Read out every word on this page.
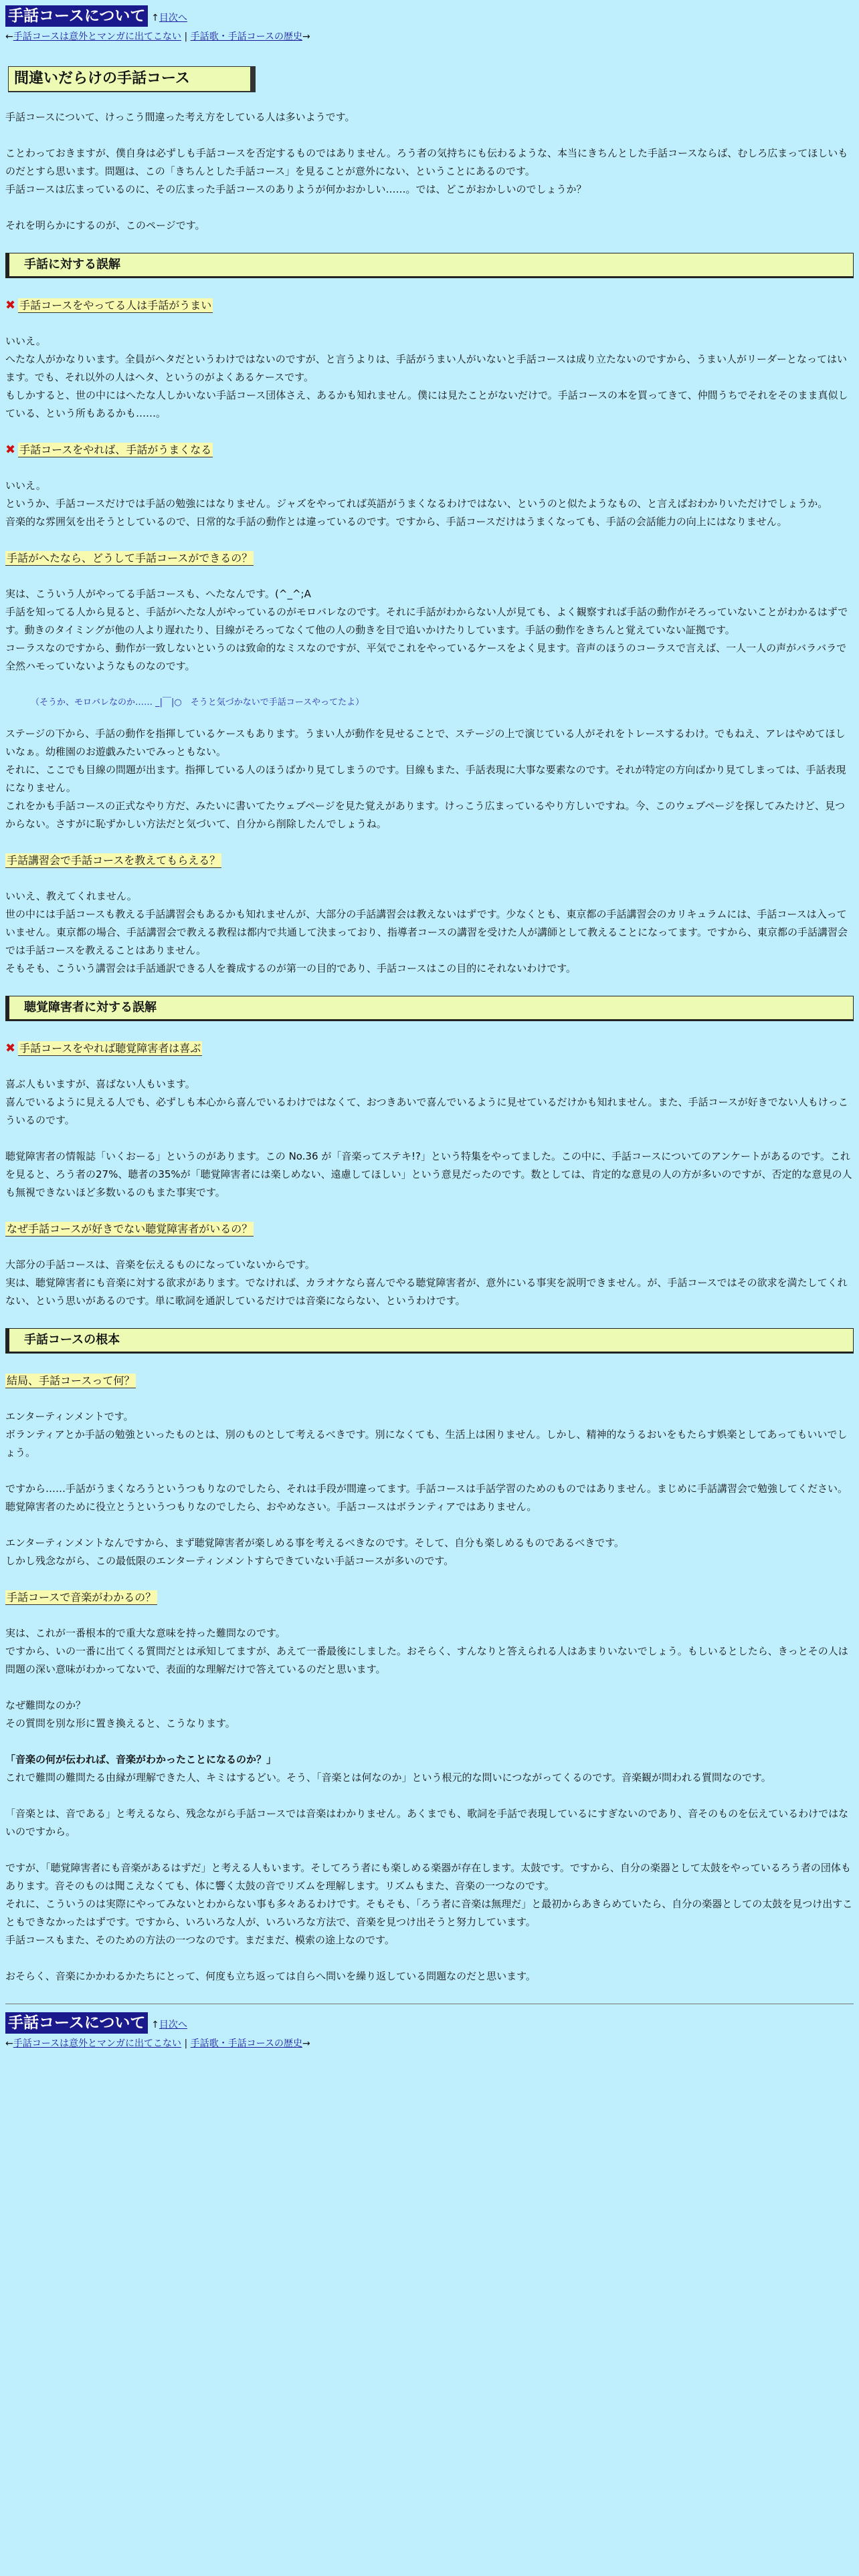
手話コースについて ↑目次へ
←手話コースは意外とマンガに出てこない | 手話歌・手話コースの歴史→
間違いだらけの手話コース

手話コースについて、けっこう間違った考え方をしている人は多いようです。

ことわっておきますが、僕自身は必ずしも手話コースを否定するものではありません。ろう者の気持ちにも伝わるような、本当にきちんとした手話コースならば、むしろ広まってほしいものだとすら思います。問題は、この「きちんとした手話コース」を見ることが意外にない、ということにあるのです。
手話コースは広まっているのに、その広まった手話コースのありようが何かおかしい……。では、どこがおかしいのでしょうか？

それを明らかにするのが、このページです。

手話に対する誤解
✖ 手話コースをやってる人は手話がうまい

いいえ。
へたな人がかなりいます。全員がヘタだというわけではないのですが、と言うよりは、手話がうまい人がいないと手話コースは成り立たないのですから、うまい人がリーダーとなってはいます。でも、それ以外の人はヘタ、というのがよくあるケースです。
もしかすると、世の中にはへたな人しかいない手話コース団体さえ、あるかも知れません。僕には見たことがないだけで。手話コースの本を買ってきて、仲間うちでそれをそのまま真似している、という所もあるかも……。

✖ 手話コースをやれば、手話がうまくなる

いいえ。
というか、手話コースだけでは手話の勉強にはなりません。ジャズをやってれば英語がうまくなるわけではない、というのと似たようなもの、と言えばおわかりいただけでしょうか。
音楽的な雰囲気を出そうとしているので、日常的な手話の動作とは違っているのです。ですから、手話コースだけはうまくなっても、手話の会話能力の向上にはなりません。

手話がへたなら、どうして手話コースができるの？

実は、こういう人がやってる手話コースも、へたなんです。(^_^;A
手話を知ってる人から見ると、手話がへたな人がやっているのがモロバレなのです。それに手話がわからない人が見ても、よく観察すれば手話の動作がそろっていないことがわかるはずです。動きのタイミングが他の人より遅れたり、目線がそろってなくて他の人の動きを目で追いかけたりしています。手話の動作をきちんと覚えていない証拠です。
コーラスなのですから、動作が一致しないというのは致命的なミスなのですが、平気でこれをやっているケースをよく見ます。音声のほうのコーラスで言えば、一人一人の声がバラバラで全然ハモっていないようなものなのです。

（そうか、モロバレなのか…… _|￣|○　そうと気づかないで手話コースやってたよ）

ステージの下から、手話の動作を指揮しているケースもあります。うまい人が動作を見せることで、ステージの上で演じている人がそれをトレースするわけ。でもねえ、アレはやめてほしいなぁ。幼稚園のお遊戯みたいでみっともない。
それに、ここでも目線の問題が出ます。指揮している人のほうばかり見てしまうのです。目線もまた、手話表現に大事な要素なのです。それが特定の方向ばかり見てしまっては、手話表現になりません。
これをかも手話コースの正式なやり方だ、みたいに書いてたウェブページを見た覚えがあります。けっこう広まっているやり方しいですね。今、このウェブページを探してみたけど、見つからない。さすがに恥ずかしい方法だと気づいて、自分から削除したんでしょうね。

手話講習会で手話コースを教えてもらえる？

いいえ、教えてくれません。
世の中には手話コースも教える手話講習会もあるかも知れませんが、大部分の手話講習会は教えないはずです。少なくとも、東京都の手話講習会のカリキュラムには、手話コースは入っていません。東京都の場合、手話講習会で教える教程は都内で共通して決まっており、指導者コースの講習を受けた人が講師として教えることになってます。ですから、東京都の手話講習会では手話コースを教えることはありません。
そもそも、こういう講習会は手話通訳できる人を養成するのが第一の目的であり、手話コースはこの目的にそれないわけです。

聴覚障害者に対する誤解
✖ 手話コースをやれば聴覚障害者は喜ぶ

喜ぶ人もいますが、喜ばない人もいます。
喜んでいるように見える人でも、必ずしも本心から喜んでいるわけではなくて、おつきあいで喜んでいるように見せているだけかも知れません。また、手話コースが好きでない人もけっこういるのです。

聴覚障害者の情報誌「いくおーる」というのがあります。この No.36 が「音楽ってステキ!?」という特集をやってました。この中に、手話コースについてのアンケートがあるのです。これを見ると、ろう者の27%、聴者の35%が「聴覚障害者には楽しめない、遠慮してほしい」という意見だったのです。数としては、肯定的な意見の人の方が多いのですが、否定的な意見の人も無視できないほど多数いるのもまた事実です。

なぜ手話コースが好きでない聴覚障害者がいるの？

大部分の手話コースは、音楽を伝えるものになっていないからです。
実は、聴覚障害者にも音楽に対する欲求があります。でなければ、カラオケなら喜んでやる聴覚障害者が、意外にいる事実を説明できません。が、手話コースではその欲求を満たしてくれない、という思いがあるのです。単に歌詞を通訳しているだけでは音楽にならない、というわけです。

手話コースの根本
結局、手話コースって何？

エンターティンメントです。
ボランティアとか手話の勉強といったものとは、別のものとして考えるべきです。別になくても、生活上は困りません。しかし、精神的なうるおいをもたらす娯楽としてあってもいいでしょう。

ですから……手話がうまくなろうというつもりなのでしたら、それは手段が間違ってます。手話コースは手話学習のためのものではありません。まじめに手話講習会で勉強してください。聴覚障害者のために役立とうというつもりなのでしたら、おやめなさい。手話コースはボランティアではありません。

エンターティンメントなんですから、まず聴覚障害者が楽しめる事を考えるべきなのです。そして、自分も楽しめるものであるべきです。
しかし残念ながら、この最低限のエンターティンメントすらできていない手話コースが多いのです。

手話コースで音楽がわかるの？

実は、これが一番根本的で重大な意味を持った難問なのです。
ですから、いの一番に出てくる質問だとは承知してますが、あえて一番最後にしました。おそらく、すんなりと答えられる人はあまりいないでしょう。もしいるとしたら、きっとその人は問題の深い意味がわかってないで、表面的な理解だけで答えているのだと思います。

なぜ難問なのか？
その質問を別な形に置き換えると、こうなります。

「音楽の何が伝われば、音楽がわかったことになるのか？」

これで難問の難問たる由縁が理解できた人、キミはするどい。そう、「音楽とは何なのか」という根元的な問いにつながってくるのです。音楽観が問われる質問なのです。

「音楽とは、音である」と考えるなら、残念ながら手話コースでは音楽はわかりません。あくまでも、歌詞を手話で表現しているにすぎないのであり、音そのものを伝えているわけではないのですから。

ですが、「聴覚障害者にも音楽があるはずだ」と考える人もいます。そしてろう者にも楽しめる楽器が存在します。太鼓です。ですから、自分の楽器として太鼓をやっているろう者の団体もあります。音そのものは聞こえなくても、体に響く太鼓の音でリズムを理解します。リズムもまた、音楽の一つなのです。
それに、こういうのは実際にやってみないとわからない事も多々あるわけです。そもそも、「ろう者に音楽は無理だ」と最初からあきらめていたら、自分の楽器としての太鼓を見つけ出すこともできなかったはずです。ですから、いろいろな人が、いろいろな方法で、音楽を見つけ出そうと努力しています。
手話コースもまた、そのための方法の一つなのです。まだまだ、模索の途上なのです。

おそらく、音楽にかかわるかたちにとって、何度も立ち返っては自らへ問いを繰り返している問題なのだと思います。

手話コースについて ↑目次へ
←手話コースは意外とマンガに出てこない | 手話歌・手話コースの歴史→
